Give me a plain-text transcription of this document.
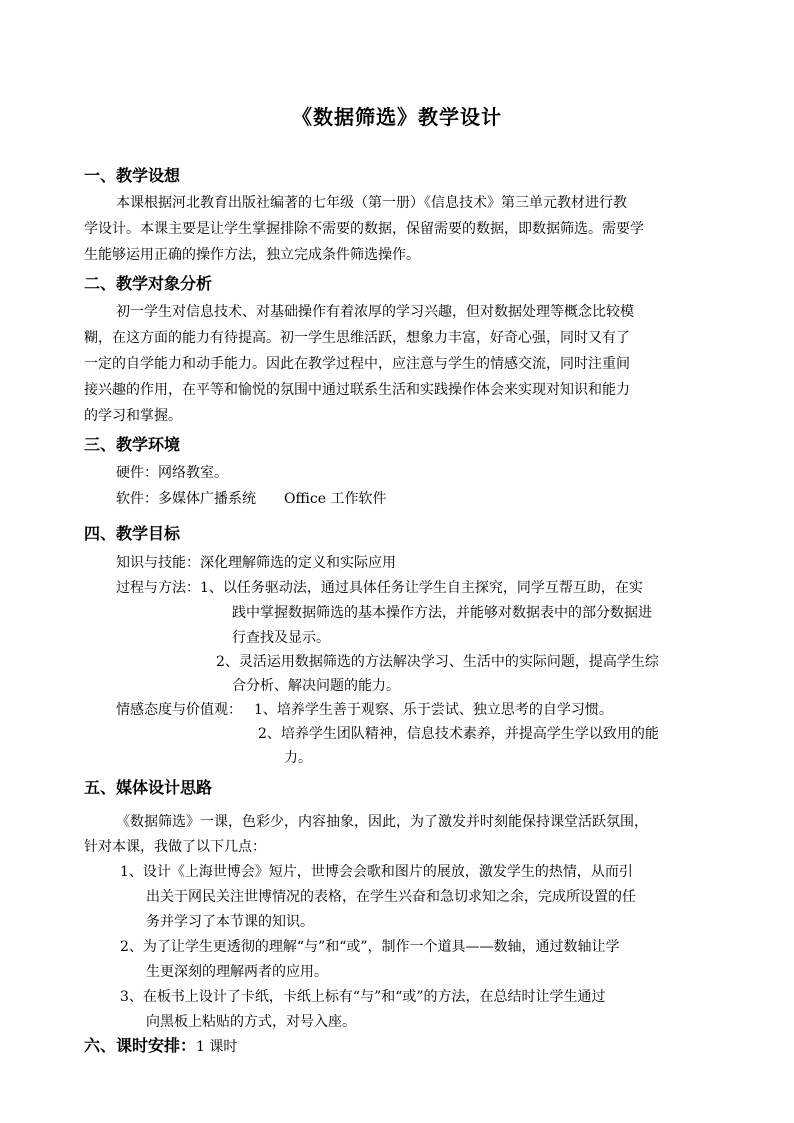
《数据筛选》教学设计
一、教学设想
本课根据河北教育出版社编著的七年级（第一册）《信息技术》第三单元教材进行教
学设计。本课主要是让学生掌握排除不需要的数据，保留需要的数据，即数据筛选。需要学
生能够运用正确的操作方法，独立完成条件筛选操作。
二、教学对象分析
初一学生对信息技术、对基础操作有着浓厚的学习兴趣，但对数据处理等概念比较模
糊，在这方面的能力有待提高。初一学生思维活跃，想象力丰富，好奇心强，同时又有了
一定的自学能力和动手能力。因此在教学过程中，应注意与学生的情感交流，同时注重间
接兴趣的作用，在平等和愉悦的氛围中通过联系生活和实践操作体会来实现对知识和能力
的学习和掌握。
三、教学环境
硬件：网络教室。
软件：多媒体广播系统　　Office 工作软件
四、教学目标
知识与技能：深化理解筛选的定义和实际应用
过程与方法： 1、以任务驱动法，通过具体任务让学生自主探究，同学互帮互助，在实
践中掌握数据筛选的基本操作方法，并能够对数据表中的部分数据进
行查找及显示。
2、灵活运用数据筛选的方法解决学习、生活中的实际问题，提高学生综
合分析、解决问题的能力。
情感态度与价值观： 1、培养学生善于观察、乐于尝试、独立思考的自学习惯。
2、培养学生团队精神，信息技术素养，并提高学生学以致用的能
力。
五、媒体设计思路
《数据筛选》一课，色彩少，内容抽象，因此，为了激发并时刻能保持课堂活跃氛围，
针对本课，我做了以下几点：
1、设计《上海世博会》短片，世博会会歌和图片的展放，激发学生的热情，从而引
出关于网民关注世博情况的表格，在学生兴奋和急切求知之余，完成所设置的任
务并学习了本节课的知识。
2、为了让学生更透彻的理解“与”和“或”，制作一个道具——数轴，通过数轴让学
生更深刻的理解两者的应用。
3、在板书上设计了卡纸，卡纸上标有“与”和“或”的方法，在总结时让学生通过
向黑板上粘贴的方式，对号入座。
六、课时安排：1 课时
